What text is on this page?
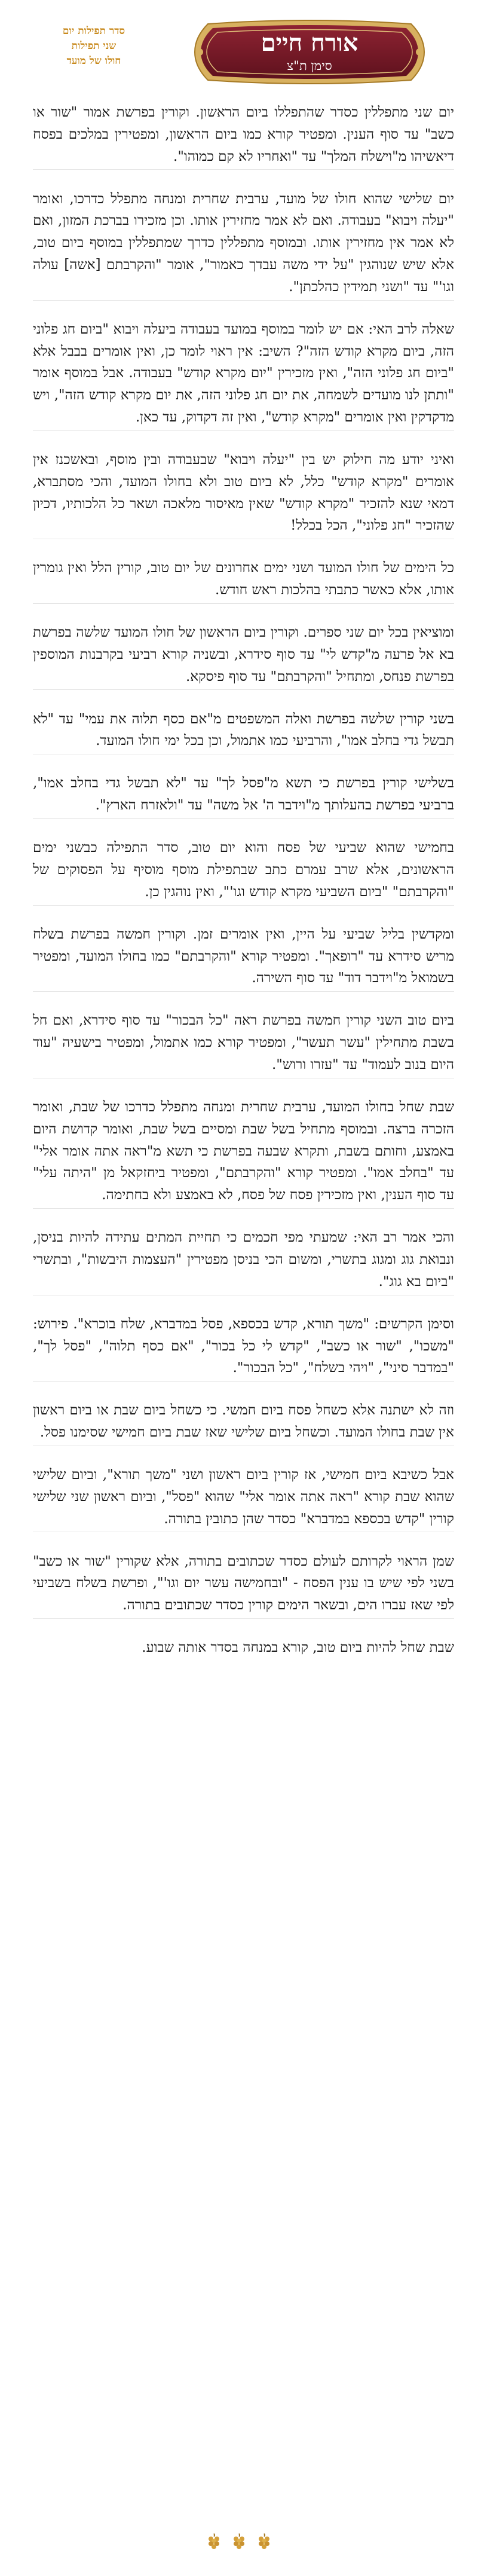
סדר תפילות יום
שני תפילות
חולו של מועד
אורח חיים
סימן ת"צ

יום שני מתפללין כסדר שהתפללו ביום הראשון. וקורין בפרשת אמור "שור או כשב" עד סוף הענין. ומפטיר קורא כמו ביום הראשון, ומפטירין במלכים בפסח דיאשיהו מ"וישלח המלך" עד "ואחריו לא קם כמוהו".

יום שלישי שהוא חולו של מועד, ערבית שחרית ומנחה מתפלל כדרכו, ואומר "יעלה ויבוא" בעבודה. ואם לא אמר מחזירין אותו. וכן מזכירו בברכת המזון, ואם לא אמר אין מחזירין אותו. ובמוסף מתפללין כדרך שמתפללין במוסף ביום טוב, אלא שיש שנוהגין "על ידי משה עבדך כאמור", אומר "והקרבתם [אשה] עולה וגו'" עד "ושני תמידין כהלכתן".

שאלה לרב האי: אם יש לומר במוסף במועד בעבודה ביעלה ויבוא "ביום חג פלוני הזה, ביום מקרא קודש הזה"? השיב: אין ראוי לומר כן, ואין אומרים בבבל אלא "ביום חג פלוני הזה", ואין מזכירין "יום מקרא קודש" בעבודה. אבל במוסף אומר "ותתן לנו מועדים לשמחה, את יום חג פלוני הזה, את יום מקרא קודש הזה", ויש מדקדקין ואין אומרים "מקרא קודש", ואין זה דקדוק, עד כאן.

ואיני יודע מה חילוק יש בין "יעלה ויבוא" שבעבודה ובין מוסף, ובאשכנז אין אומרים "מקרא קודש" כלל, לא ביום טוב ולא בחולו המועד, והכי מסתברא, דמאי שנא להזכיר "מקרא קודש" שאין מאיסור מלאכה ושאר כל הלכותיו, דכיון שהזכיר "חג פלוני", הכל בכלל!

כל הימים של חולו המועד ושני ימים אחרונים של יום טוב, קורין הלל ואין גומרין אותו, אלא כאשר כתבתי בהלכות ראש חודש.

ומוציאין בכל יום שני ספרים. וקורין ביום הראשון של חולו המועד שלשה בפרשת בא אל פרעה מ"קדש לי" עד סוף סידרא, ובשניה קורא רביעי בקרבנות המוספין בפרשת פנחס, ומתחיל "והקרבתם" עד סוף פיסקא.

בשני קורין שלשה בפרשת ואלה המשפטים מ"אם כסף תלוה את עמי" עד "לא תבשל גדי בחלב אמו", והרביעי כמו אתמול, וכן בכל ימי חולו המועד.

בשלישי קורין בפרשת כי תשא מ"פסל לך" עד "לא תבשל גדי בחלב אמו", ברביעי בפרשת בהעלותך מ"וידבר ה' אל משה" עד "ולאזרח הארץ".

בחמישי שהוא שביעי של פסח והוא יום טוב, סדר התפילה כבשני ימים הראשונים, אלא שרב עמרם כתב שבתפילת מוסף מוסיף על הפסוקים של "והקרבתם" "ביום השביעי מקרא קודש וגו'", ואין נוהגין כן.

ומקדשין בליל שביעי על היין, ואין אומרים זמן. וקורין חמשה בפרשת בשלח מריש סידרא עד "רופאך". ומפטיר קורא "והקרבתם" כמו בחולו המועד, ומפטיר בשמואל מ"וידבר דוד" עד סוף השירה.

ביום טוב השני קורין חמשה בפרשת ראה "כל הבכור" עד סוף סידרא, ואם חל בשבת מתחילין "עשר תעשר", ומפטיר קורא כמו אתמול, ומפטיר בישעיה "עוד היום בנוב לעמוד" עד "עזרו ורוש".

שבת שחל בחולו המועד, ערבית שחרית ומנחה מתפלל כדרכו של שבת, ואומר הזכרה ברצה. ובמוסף מתחיל בשל שבת ומסיים בשל שבת, ואומר קדושת היום באמצע, וחותם בשבת, ותקרא שבעה בפרשת כי תשא מ"ראה אתה אומר אלי" עד "בחלב אמו". ומפטיר קורא "והקרבתם", ומפטיר ביחזקאל מן "היתה עלי" עד סוף הענין, ואין מזכירין פסח של פסח, לא באמצע ולא בחתימה.

והכי אמר רב האי: שמעתי מפי חכמים כי תחיית המתים עתידה להיות בניסן, ונבואת גוג ומגוג בתשרי, ומשום הכי בניסן מפטירין "העצמות היבשות", ובתשרי "ביום בא גוג".

וסימן הקרשים: "משך תורא, קדש בכספא, פסל במדברא, שלח בוכרא". פירוש: "משכו", "שור או כשב", "קדש לי כל בכור", "אם כסף תלוה", "פסל לך", "במדבר סיני", "ויהי בשלח", "כל הבכור".

וזה לא ישתנה אלא כשחל פסח ביום חמשי. כי כשחל ביום שבת או ביום ראשון אין שבת בחולו המועד. וכשחל ביום שלישי שאז שבת ביום חמישי שסימנו פסל.

אבל כשיבא ביום חמישי, אז קורין ביום ראשון ושני "משך תורא", וביום שלישי שהוא שבת קורא "ראה אתה אומר אלי" שהוא "פסל", וביום ראשון שני שלישי קורין "קדש בכספא במדברא" כסדר שהן כתובין בתורה.

שמן הראוי לקרותם לעולם כסדר שכתובים בתורה, אלא שקורין "שור או כשב" בשני לפי שיש בו ענין הפסח - "ובחמישה עשר יום וגו'", ופרשת בשלח בשביעי לפי שאז עברו הים, ובשאר הימים קורין כסדר שכתובים בתורה.

שבת שחל להיות ביום טוב, קורא במנחה בסדר אותה שבוע.
